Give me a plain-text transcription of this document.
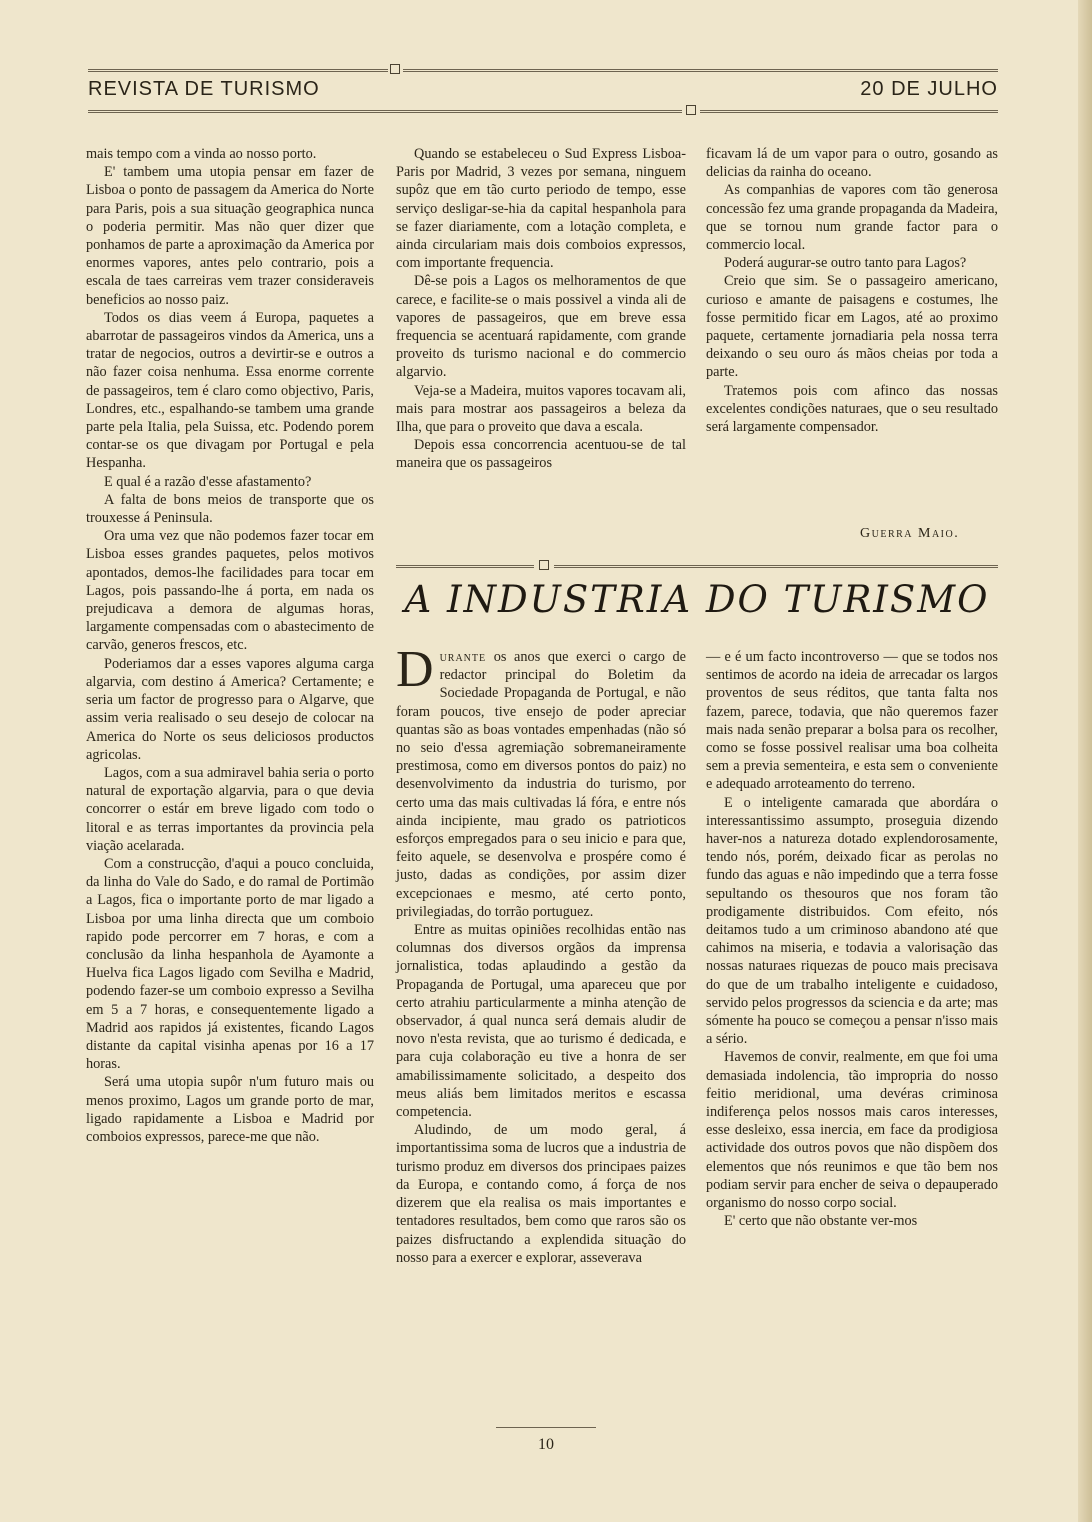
REVISTA DE TURISMO	20 DE JULHO

mais tempo com a vinda ao nosso porto.

E' tambem uma utopia pensar em fazer de Lisboa o ponto de passagem da America do Norte para Paris, pois a sua situação geographica nunca o poderia permitir. Mas não quer dizer que ponhamos de parte a aproximação da America por enormes vapores, antes pelo contrario, pois a escala de taes carreiras vem trazer consideraveis beneficios ao nosso paiz.

Todos os dias veem á Europa, paquetes a abarrotar de passageiros vindos da America, uns a tratar de negocios, outros a devirtir-se e outros a não fazer coisa nenhuma. Essa enorme corrente de passageiros, tem é claro como objectivo, Paris, Londres, etc., espalhando-se tambem uma grande parte pela Italia, pela Suissa, etc. Podendo porem contar-se os que divagam por Portugal e pela Hespanha.

E qual é a razão d'esse afastamento?

A falta de bons meios de transporte que os trouxesse á Peninsula.

Ora uma vez que não podemos fazer tocar em Lisboa esses grandes paquetes, pelos motivos apontados, demos-lhe facilidades para tocar em Lagos, pois passando-lhe á porta, em nada os prejudicava a demora de algumas horas, largamente compensadas com o abastecimento de carvão, generos frescos, etc.

Poderiamos dar a esses vapores alguma carga algarvia, com destino á America? Certamente; e seria um factor de progresso para o Algarve, que assim veria realisado o seu desejo de colocar na America do Norte os seus deliciosos productos agricolas.

Lagos, com a sua admiravel bahia seria o porto natural de exportação algarvia, para o que devia concorrer o estár em breve ligado com todo o litoral e as terras importantes da provincia pela viação acelarada.

Com a construcção, d'aqui a pouco concluida, da linha do Vale do Sado, e do ramal de Portimão a Lagos, fica o importante porto de mar ligado a Lisboa por uma linha directa que um comboio rapido pode percorrer em 7 horas, e com a conclusão da linha hespanhola de Ayamonte a Huelva fica Lagos ligado com Sevilha e Madrid, podendo fazer-se um comboio expresso a Sevilha em 5 a 7 horas, e consequentemente ligado a Madrid aos rapidos já existentes, ficando Lagos distante da capital visinha apenas por 16 a 17 horas.

Será uma utopia supôr n'um futuro mais ou menos proximo, Lagos um grande porto de mar, ligado rapidamente a Lisboa e Madrid por comboios expressos, parece-me que não.

Quando se estabeleceu o Sud Express Lisboa-Paris por Madrid, 3 vezes por semana, ninguem supôz que em tão curto periodo de tempo, esse serviço desligar-se-hia da capital hespanhola para se fazer diariamente, com a lotação completa, e ainda circulariam mais dois comboios expressos, com importante frequencia.

Dê-se pois a Lagos os melhoramentos de que carece, e facilite-se o mais possivel a vinda ali de vapores de passageiros, que em breve essa frequencia se acentuará rapidamente, com grande proveito ds turismo nacional e do commercio algarvio.

Veja-se a Madeira, muitos vapores tocavam ali, mais para mostrar aos passageiros a beleza da Ilha, que para o proveito que dava a escala.

Depois essa concorrencia acentuou-se de tal maneira que os passageiros

ficavam lá de um vapor para o outro, gosando as delicias da rainha do oceano.

As companhias de vapores com tão generosa concessão fez uma grande propaganda da Madeira, que se tornou num grande factor para o commercio local.

Poderá augurar-se outro tanto para Lagos?

Creio que sim. Se o passageiro americano, curioso e amante de paisagens e costumes, lhe fosse permitido ficar em Lagos, até ao proximo paquete, certamente jornadiaria pela nossa terra deixando o seu ouro ás mãos cheias por toda a parte.

Tratemos pois com afinco das nossas excelentes condições naturaes, que o seu resultado será largamente compensador.

Guerra Maio.
A INDUSTRIA DO TURISMO

Durante os anos que exerci o cargo de redactor principal do Boletim da Sociedade Propaganda de Portugal, e não foram poucos, tive ensejo de poder apreciar quantas são as boas vontades empenhadas (não só no seio d'essa agremiação sobremaneiramente prestimosa, como em diversos pontos do paiz) no desenvolvimento da industria do turismo, por certo uma das mais cultivadas lá fóra, e entre nós ainda incipiente, mau grado os patrioticos esforços empregados para o seu inicio e para que, feito aquele, se desenvolva e prospére como é justo, dadas as condições, por assim dizer excepcionaes e mesmo, até certo ponto, privilegiadas, do torrão portuguez.

Entre as muitas opiniões recolhidas então nas columnas dos diversos orgãos da imprensa jornalistica, todas aplaudindo a gestão da Propaganda de Portugal, uma apareceu que por certo atrahiu particularmente a minha atenção de observador, á qual nunca será demais aludir de novo n'esta revista, que ao turismo é dedicada, e para cuja colaboração eu tive a honra de ser amabilissimamente solicitado, a despeito dos meus aliás bem limitados meritos e escassa competencia.

Aludindo, de um modo geral, á importantissima soma de lucros que a industria de turismo produz em diversos dos principaes paizes da Europa, e contando como, á força de nos dizerem que ela realisa os mais importantes e tentadores resultados, bem como que raros são os paizes disfructando a explendida situação do nosso para a exercer e explorar, asseverava

— e é um facto incontroverso — que se todos nos sentimos de acordo na ideia de arrecadar os largos proventos de seus réditos, que tanta falta nos fazem, parece, todavia, que não queremos fazer mais nada senão preparar a bolsa para os recolher, como se fosse possivel realisar uma boa colheita sem a previa sementeira, e esta sem o conveniente e adequado arroteamento do terreno.

E o inteligente camarada que abordára o interessantissimo assumpto, proseguia dizendo haver-nos a natureza dotado explendorosamente, tendo nós, porém, deixado ficar as perolas no fundo das aguas e não impedindo que a terra fosse sepultando os thesouros que nos foram tão prodigamente distribuidos. Com efeito, nós deitamos tudo a um criminoso abandono até que cahimos na miseria, e todavia a valorisação das nossas naturaes riquezas de pouco mais precisava do que de um trabalho inteligente e cuidadoso, servido pelos progressos da sciencia e da arte; mas sómente ha pouco se começou a pensar n'isso mais a sério.

Havemos de convir, realmente, em que foi uma demasiada indolencia, tão impropria do nosso feitio meridional, uma devéras criminosa indiferença pelos nossos mais caros interesses, esse desleixo, essa inercia, em face da prodigiosa actividade dos outros povos que não dispõem dos elementos que nós reunimos e que tão bem nos podiam servir para encher de seiva o depauperado organismo do nosso corpo social.

E' certo que não obstante ver-mos

10
